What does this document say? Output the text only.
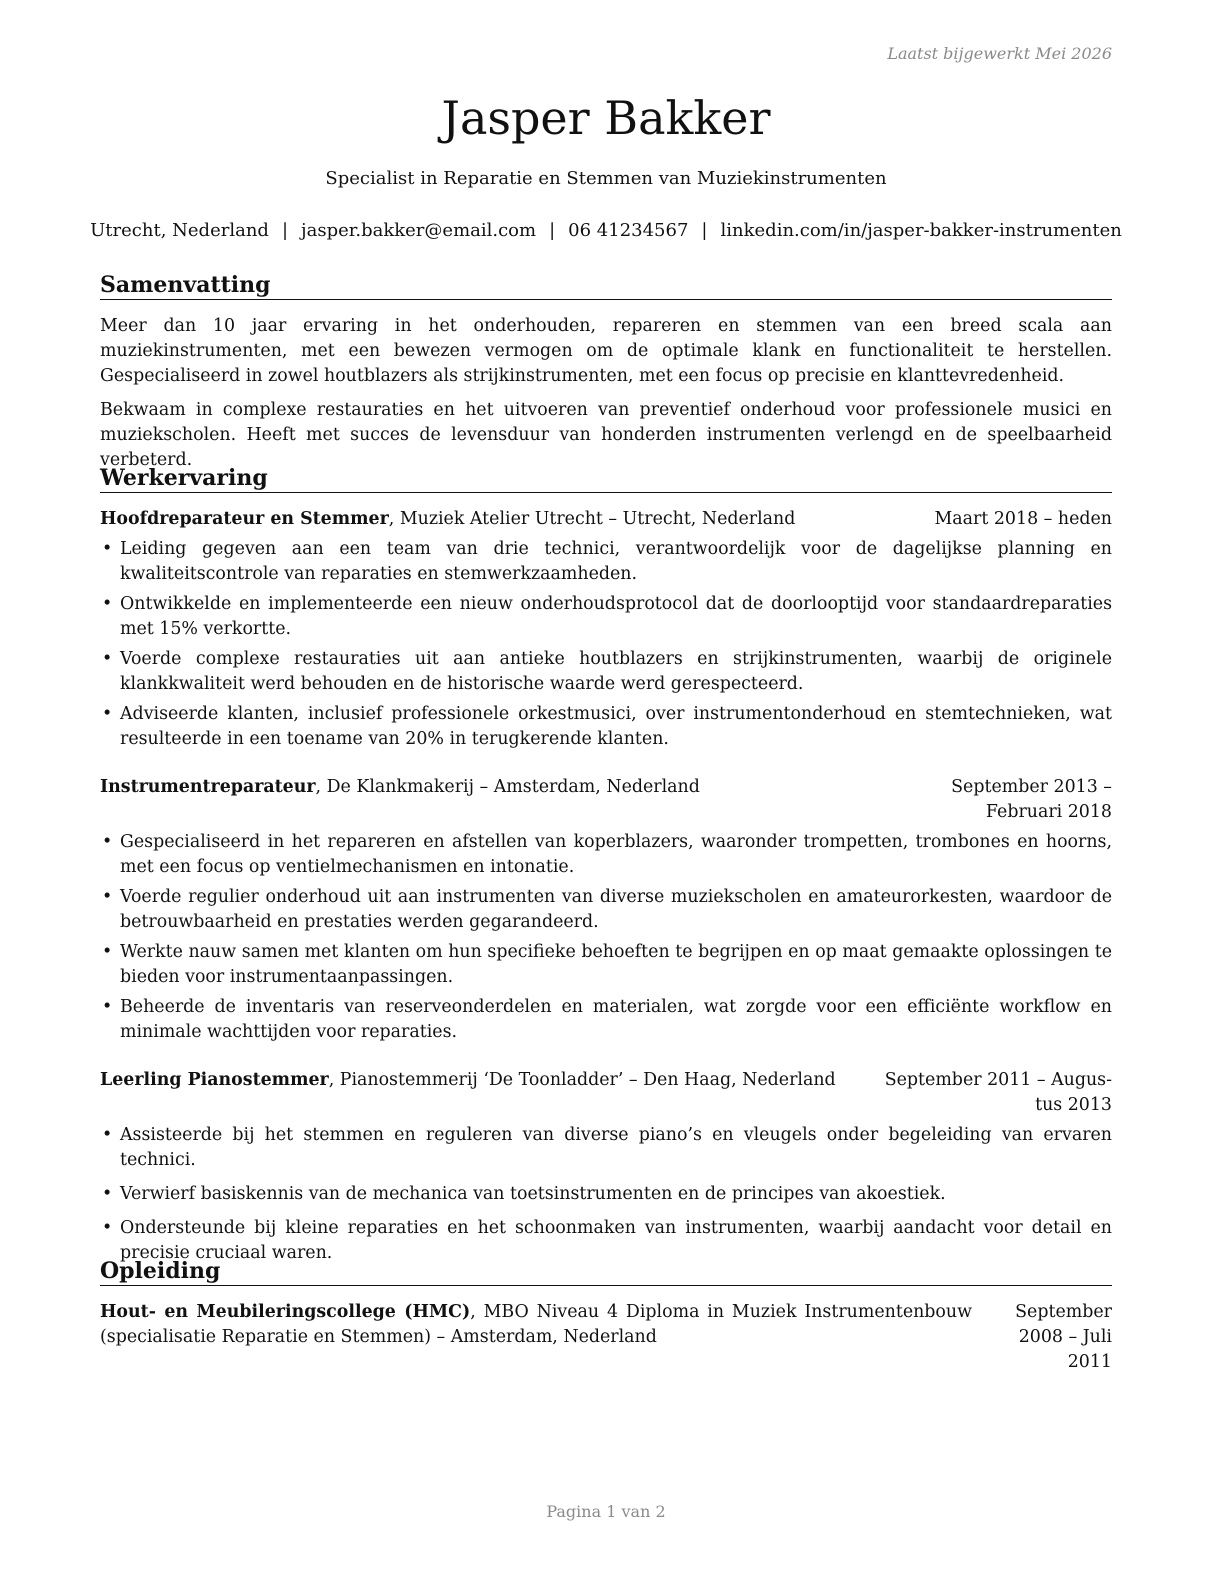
Laatst bijgewerkt Mei 2026
Jasper Bakker
Specialist in Reparatie en Stemmen van Muziekinstrumenten
Utrecht, Nederland | jasper.bakker@email.com | 06 41234567 | linkedin.com/in/jasper-bakker-instrumenten
Samenvatting
Meer dan 10 jaar ervaring in het onderhouden, repareren en stemmen van een breed scala aan muziekinstrumenten, met een bewezen vermogen om de optimale klank en functionaliteit te herstellen. Gespecialiseerd in zowel houtblazers als strijkinstrumenten, met een focus op precisie en klanttevredenheid.
Bekwaam in complexe restauraties en het uitvoeren van preventief onderhoud voor professionele musici en muziekscholen. Heeft met succes de levensduur van honderden instrumenten verlengd en de speelbaarheid verbeterd.
Werkervaring
Hoofdreparateur en Stemmer, Muziek Atelier Utrecht – Utrecht, Nederland	Maart 2018 – heden
• Leiding gegeven aan een team van drie technici, verantwoordelijk voor de dagelijkse planning en kwaliteitscontrole van reparaties en stemwerkzaamheden.
• Ontwikkelde en implementeerde een nieuw onderhoudsprotocol dat de doorlooptijd voor standaardreparaties met 15% verkortte.
• Voerde complexe restauraties uit aan antieke houtblazers en strijkinstrumenten, waarbij de originele klankkwaliteit werd behouden en de historische waarde werd gerespecteerd.
• Adviseerde klanten, inclusief professionele orkestmusici, over instrumentonderhoud en stemtechnieken, wat resulteerde in een toename van 20% in terugkerende klanten.
Instrumentreparateur, De Klankmakerij – Amsterdam, Nederland	September 2013 – Februari 2018
• Gespecialiseerd in het repareren en afstellen van koperblazers, waaronder trompetten, trombones en hoorns, met een focus op ventielmechanismen en intonatie.
• Voerde regulier onderhoud uit aan instrumenten van diverse muziekscholen en amateurorkesten, waardoor de betrouwbaarheid en prestaties werden gegarandeerd.
• Werkte nauw samen met klanten om hun specifieke behoeften te begrijpen en op maat gemaakte oplossingen te bieden voor instrumentaanpassingen.
• Beheerde de inventaris van reserveonderdelen en materialen, wat zorgde voor een efficiënte workflow en minimale wachttijden voor reparaties.
Leerling Pianostemmer, Pianostemmerij ‘De Toonladder’ – Den Haag, Nederland	September 2011 – Augustus 2013
• Assisteerde bij het stemmen en reguleren van diverse piano’s en vleugels onder begeleiding van ervaren technici.
• Verwierf basiskennis van de mechanica van toetsinstrumenten en de principes van akoestiek.
• Ondersteunde bij kleine reparaties en het schoonmaken van instrumenten, waarbij aandacht voor detail en precisie cruciaal waren.
Opleiding
Hout- en Meubileringscollege (HMC), MBO Niveau 4 Diploma in Muziek Instrumentenbouw (specialisatie Reparatie en Stemmen) – Amsterdam, Nederland
September 2008 – Juli 2011
Pagina 1 van 2
